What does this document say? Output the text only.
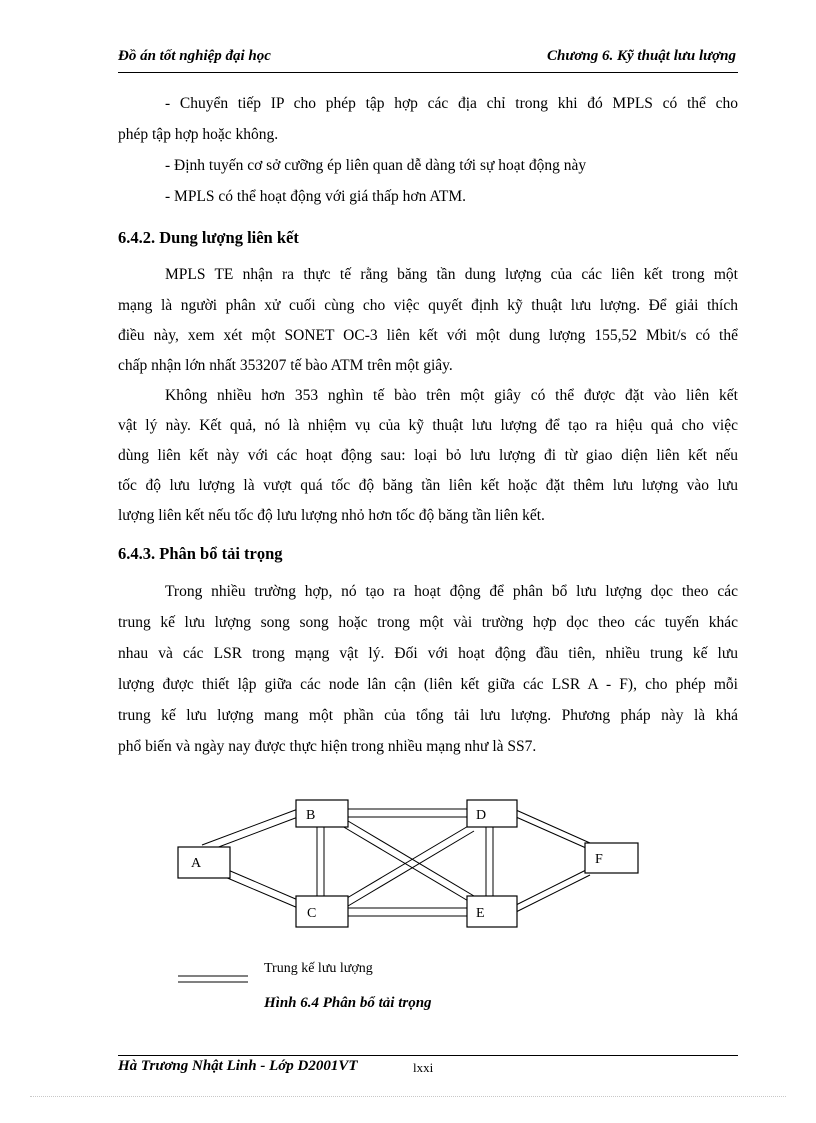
Đồ án tốt nghiệp đại học	Chương 6. Kỹ thuật lưu lượng
- Chuyển tiếp IP cho phép tập hợp các địa chỉ trong khi đó MPLS có thể cho
phép tập hợp hoặc không.
- Định tuyến cơ sở cưỡng ép liên quan dễ dàng tới sự hoạt động này
- MPLS có thể hoạt động với giá thấp hơn ATM.
6.4.2. Dung lượng liên kết
MPLS TE nhận ra thực tế rằng băng tần dung lượng của các liên kết trong một
mạng là người phân xử cuối cùng cho việc quyết định kỹ thuật lưu lượng. Để giải thích
điều này, xem xét một SONET OC-3 liên kết với một dung lượng 155,52 Mbit/s có thể
chấp nhận lớn nhất 353207 tế bào ATM trên một giây.
Không nhiều hơn 353 nghìn tế bào trên một giây có thể được đặt vào liên kết
vật lý này. Kết quả, nó là nhiệm vụ của kỹ thuật lưu lượng để tạo ra hiệu quả cho việc
dùng liên kết này với các hoạt động sau: loại bỏ lưu lượng đi từ giao diện liên kết nếu
tốc độ lưu lượng là vượt quá tốc độ băng tần liên kết hoặc đặt thêm lưu lượng vào lưu
lượng liên kết nếu tốc độ lưu lượng nhỏ hơn tốc độ băng tần liên kết.
6.4.3. Phân bổ tải trọng
Trong nhiều trường hợp, nó tạo ra hoạt động để phân bổ lưu lượng dọc theo các
trung kế lưu lượng song song hoặc trong một vài trường hợp dọc theo các tuyến khác
nhau và các LSR trong mạng vật lý. Đối với hoạt động đầu tiên, nhiều trung kế lưu
lượng được thiết lập giữa các node lân cận (liên kết giữa các LSR A - F), cho phép mỗi
trung kế lưu lượng mang một phần của tổng tải lưu lượng. Phương pháp này là khá
phổ biến và ngày nay được thực hiện trong nhiều mạng như là SS7.
A
B
C
D
E
F
Trung kế lưu lượng
Hình 6.4 Phân bổ tải trọng
Hà Trương Nhật Linh - Lớp D2001VT	lxxi
